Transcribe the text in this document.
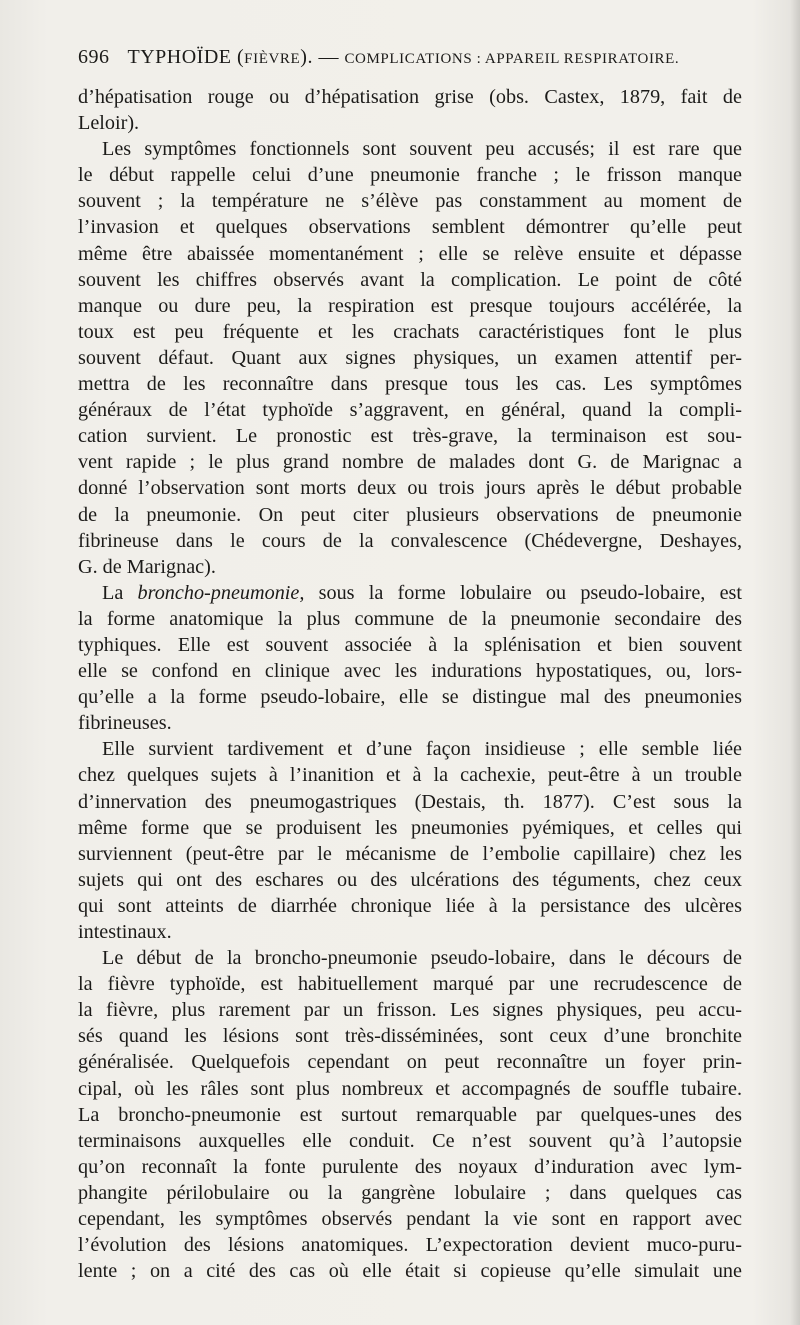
696 TYPHOÏDE (FIÈVRE). — COMPLICATIONS : APPAREIL RESPIRATOIRE.
d’hépatisation rouge ou d’hépatisation grise (obs. Castex, 1879, fait de
Leloir).
Les symptômes fonctionnels sont souvent peu accusés; il est rare que
le début rappelle celui d’une pneumonie franche ; le frisson manque
souvent ; la température ne s’élève pas constamment au moment de
l’invasion et quelques observations semblent démontrer qu’elle peut
même être abaissée momentanément ; elle se relève ensuite et dépasse
souvent les chiffres observés avant la complication. Le point de côté
manque ou dure peu, la respiration est presque toujours accélérée, la
toux est peu fréquente et les crachats caractéristiques font le plus
souvent défaut. Quant aux signes physiques, un examen attentif per-
mettra de les reconnaître dans presque tous les cas. Les symptômes
généraux de l’état typhoïde s’aggravent, en général, quand la compli-
cation survient. Le pronostic est très-grave, la terminaison est sou-
vent rapide ; le plus grand nombre de malades dont G. de Marignac a
donné l’observation sont morts deux ou trois jours après le début probable
de la pneumonie. On peut citer plusieurs observations de pneumonie
fibrineuse dans le cours de la convalescence (Chédevergne, Deshayes,
G. de Marignac).
La broncho-pneumonie, sous la forme lobulaire ou pseudo-lobaire, est
la forme anatomique la plus commune de la pneumonie secondaire des
typhiques. Elle est souvent associée à la splénisation et bien souvent
elle se confond en clinique avec les indurations hypostatiques, ou, lors-
qu’elle a la forme pseudo-lobaire, elle se distingue mal des pneumonies
fibrineuses.
Elle survient tardivement et d’une façon insidieuse ; elle semble liée
chez quelques sujets à l’inanition et à la cachexie, peut-être à un trouble
d’innervation des pneumogastriques (Destais, th. 1877). C’est sous la
même forme que se produisent les pneumonies pyémiques, et celles qui
surviennent (peut-être par le mécanisme de l’embolie capillaire) chez les
sujets qui ont des eschares ou des ulcérations des téguments, chez ceux
qui sont atteints de diarrhée chronique liée à la persistance des ulcères
intestinaux.
Le début de la broncho-pneumonie pseudo-lobaire, dans le décours de
la fièvre typhoïde, est habituellement marqué par une recrudescence de
la fièvre, plus rarement par un frisson. Les signes physiques, peu accu-
sés quand les lésions sont très-disséminées, sont ceux d’une bronchite
généralisée. Quelquefois cependant on peut reconnaître un foyer prin-
cipal, où les râles sont plus nombreux et accompagnés de souffle tubaire.
La broncho-pneumonie est surtout remarquable par quelques-unes des
terminaisons auxquelles elle conduit. Ce n’est souvent qu’à l’autopsie
qu’on reconnaît la fonte purulente des noyaux d’induration avec lym-
phangite périlobulaire ou la gangrène lobulaire ; dans quelques cas
cependant, les symptômes observés pendant la vie sont en rapport avec
l’évolution des lésions anatomiques. L’expectoration devient muco-puru-
lente ; on a cité des cas où elle était si copieuse qu’elle simulait une
